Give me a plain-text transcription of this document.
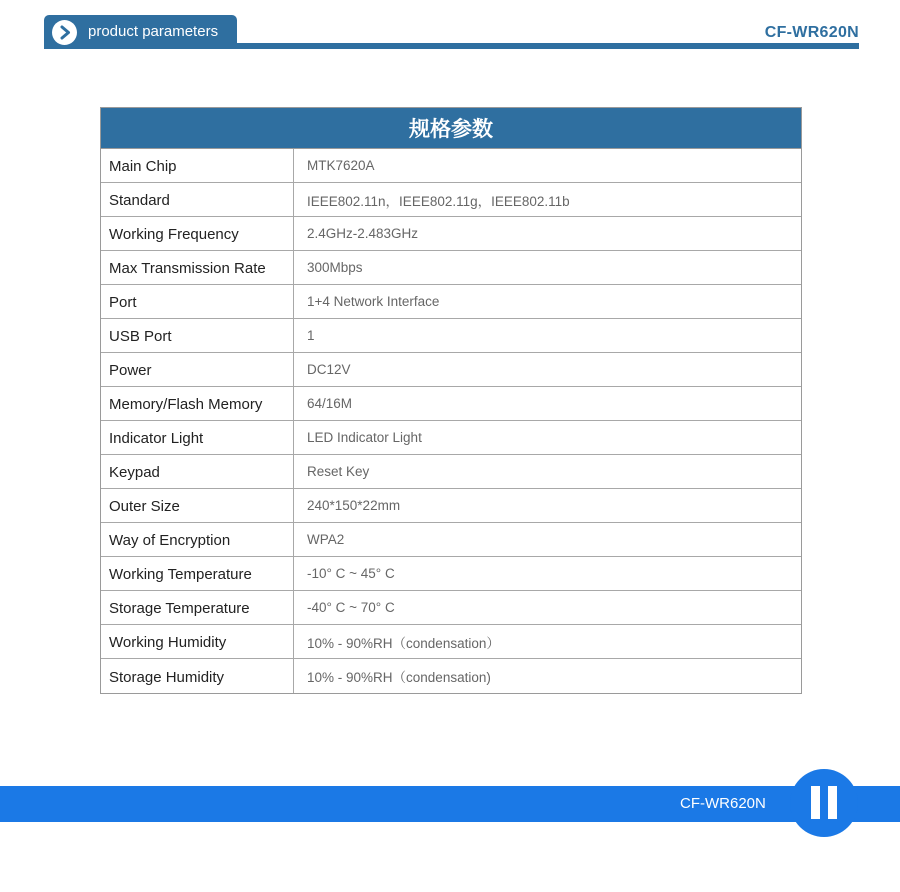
product parameters	CF-WR620N
规格参数
Main Chip	MTK7620A
Standard	IEEE802.11n，IEEE802.11g，IEEE802.11b
Working Frequency	2.4GHz-2.483GHz
Max Transmission Rate	300Mbps
Port	1+4 Network Interface
USB Port	1
Power	DC12V
Memory/Flash Memory	64/16M
Indicator Light	LED Indicator Light
Keypad	Reset Key
Outer Size	240*150*22mm
Way of Encryption	WPA2
Working Temperature	-10° C ~ 45° C
Storage Temperature	-40° C ~ 70° C
Working Humidity	10% - 90%RH（condensation）
Storage Humidity	10% - 90%RH（condensation)
CF-WR620N
